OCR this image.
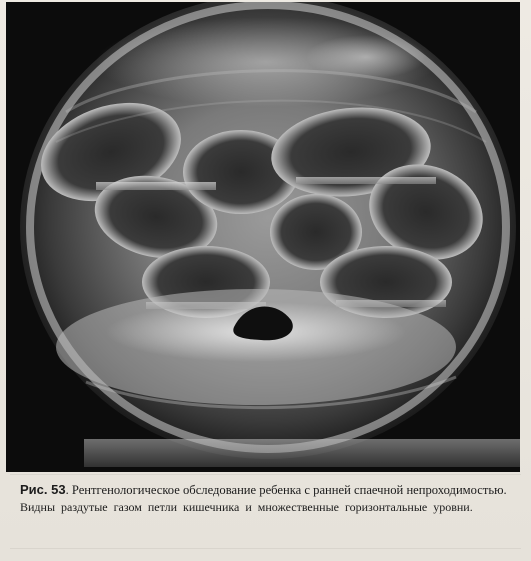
Рис. 53. Рентгенологическое обследование ребенка с ранней спаечной непроходимостью.

Видны раздутые газом петли кишечника и множественные горизонтальные уровни.
